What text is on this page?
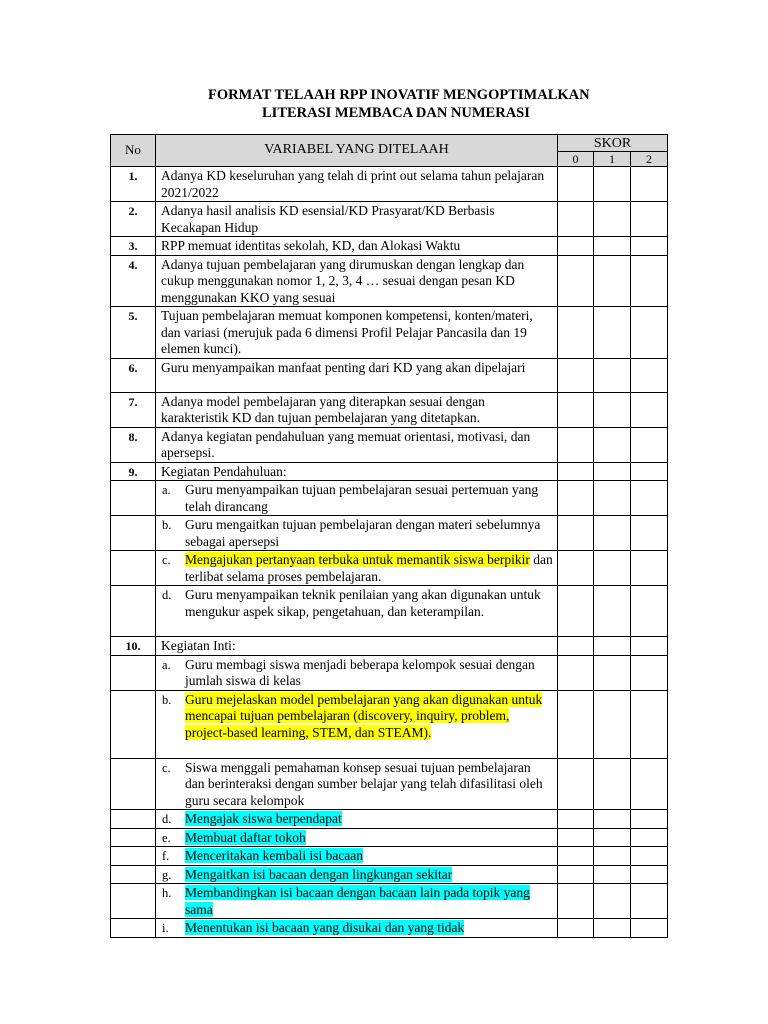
FORMAT TELAAH RPP INOVATIF MENGOPTIMALKAN
LITERASI MEMBACA DAN NUMERASI
No	VARIABEL YANG DITELAAH	SKOR		
		0	1	2
1.	Adanya KD keseluruhan yang telah di print out selama tahun pelajaran 2021/2022			
2.	Adanya hasil analisis KD esensial/KD Prasyarat/KD Berbasis Kecakapan Hidup			
3.	RPP memuat identitas sekolah, KD, dan Alokasi Waktu			
4.	Adanya tujuan pembelajaran yang dirumuskan dengan lengkap dan cukup menggunakan nomor 1, 2, 3, 4 … sesuai dengan pesan KD menggunakan KKO yang sesuai			
5.	Tujuan pembelajaran memuat komponen kompetensi, konten/materi, dan variasi (merujuk pada 6 dimensi Profil Pelajar Pancasila dan 19 elemen kunci).			
6.	Guru menyampaikan manfaat penting dari KD yang akan dipelajari			
7.	Adanya model pembelajaran yang diterapkan sesuai dengan karakteristik KD dan tujuan pembelajaran yang ditetapkan.			
8.	Adanya kegiatan pendahuluan yang memuat orientasi, motivasi, dan apersepsi.			
9.	Kegiatan Pendahuluan:			

	a. Guru menyampaikan tujuan pembelajaran sesuai pertemuan yang telah dirancang			

	b. Guru mengaitkan tujuan pembelajaran dengan materi sebelumnya sebagai apersepsi			

	c. Mengajukan pertanyaan terbuka untuk memantik siswa berpikir dan terlibat selama proses pembelajaran.			

	d. Guru menyampaikan teknik penilaian yang akan digunakan untuk mengukur aspek sikap, pengetahuan, dan keterampilan.			

10.	Kegiatan Inti:			

	a. Guru membagi siswa menjadi beberapa kelompok sesuai dengan jumlah siswa di kelas			

	b. Guru mejelaskan model pembelajaran yang akan digunakan untuk mencapai tujuan pembelajaran (discovery, inquiry, problem, project-based learning, STEM, dan STEAM).			

	c. Siswa menggali pemahaman konsep sesuai tujuan pembelajaran dan berinteraksi dengan sumber belajar yang telah difasilitasi oleh guru secara kelompok			

	d. Mengajak siswa berpendapat			

	e. Membuat daftar tokoh			

	f. Menceritakan kembali isi bacaan			

	g. Mengaitkan isi bacaan dengan lingkungan sekitar			

	h. Membandingkan isi bacaan dengan bacaan lain pada topik yang sama			

	i. Menentukan isi bacaan yang disukai dan yang tidak			
